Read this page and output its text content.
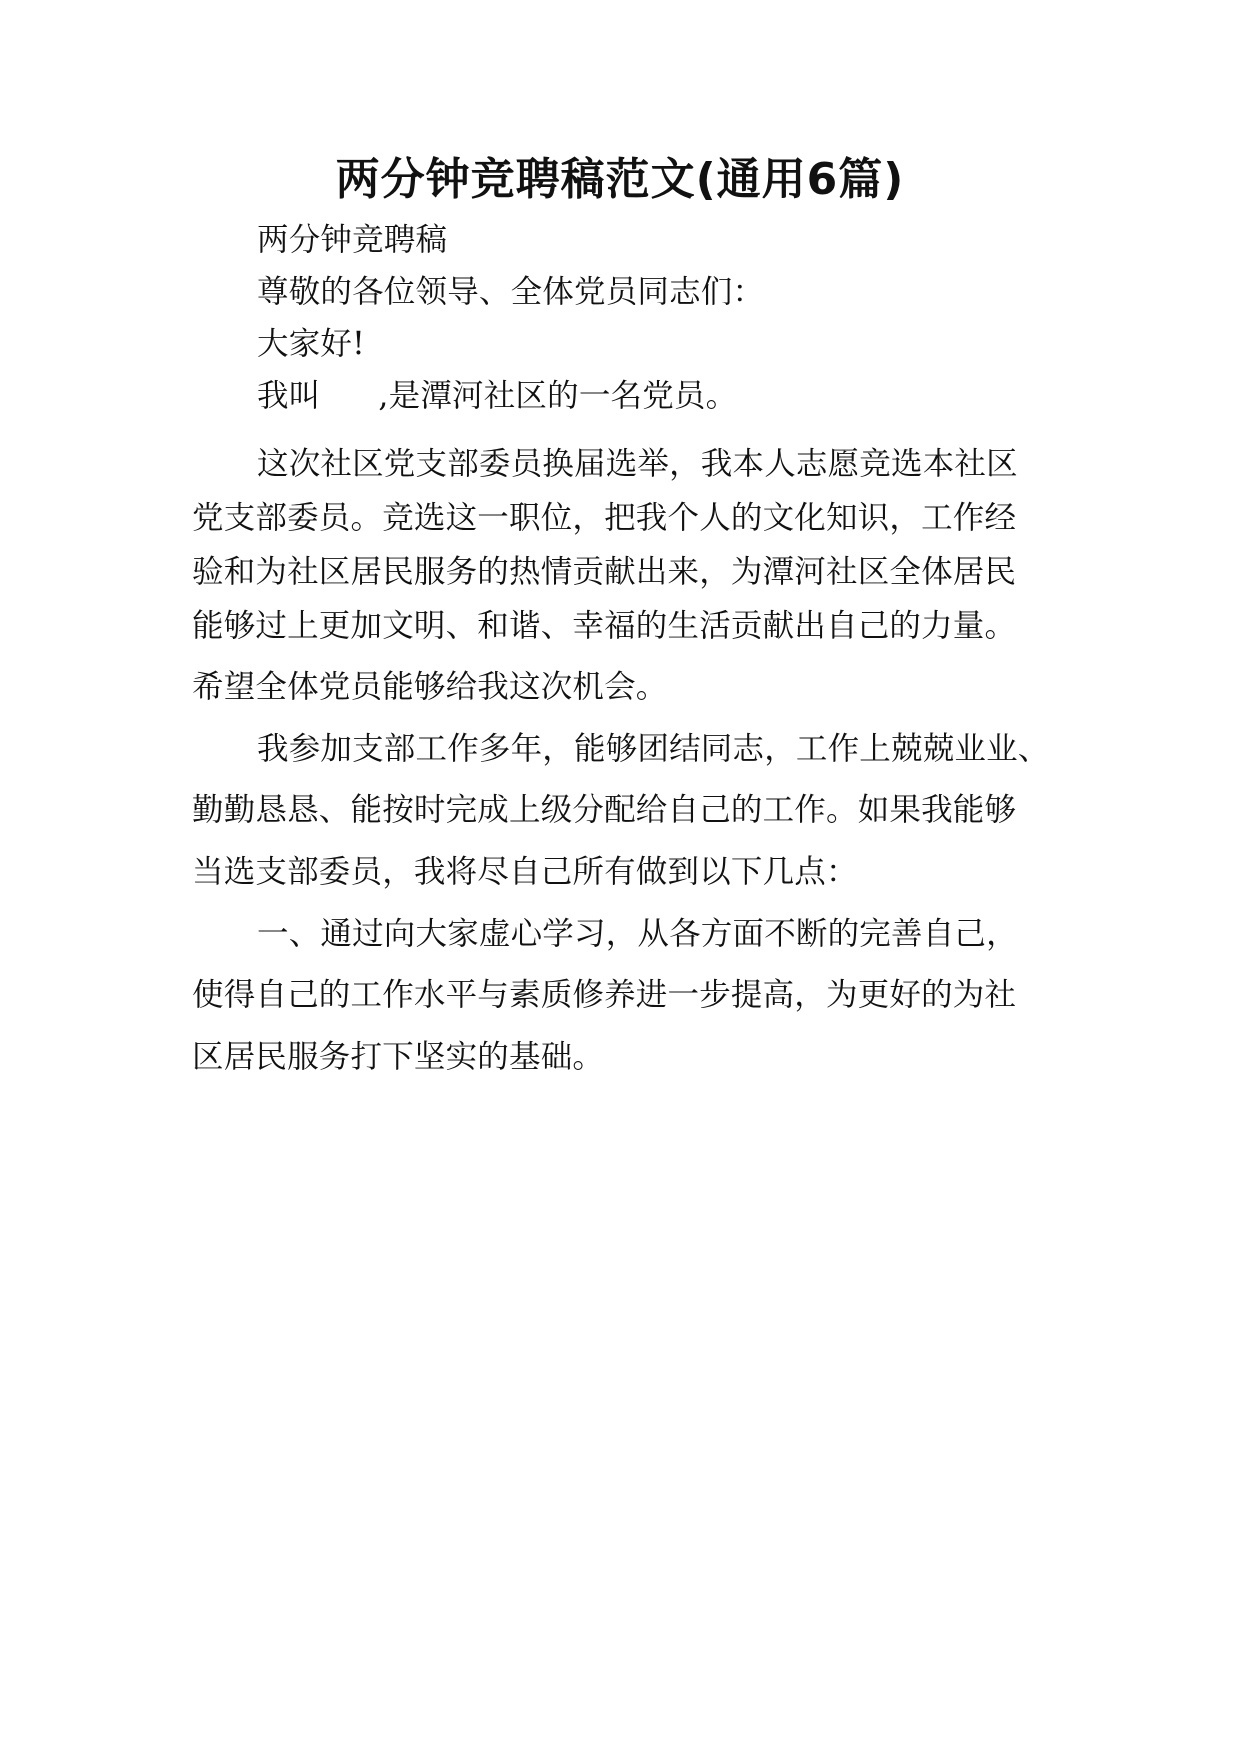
两分钟竞聘稿范文(通用6篇)
两分钟竞聘稿
尊敬的各位领导、全体党员同志们：
大家好!
我叫 ,是潭河社区的一名党员。
这次社区党支部委员换届选举，我本人志愿竞选本社区
党支部委员。竞选这一职位，把我个人的文化知识，工作经
验和为社区居民服务的热情贡献出来，为潭河社区全体居民
能够过上更加文明、和谐、幸福的生活贡献出自己的力量。
希望全体党员能够给我这次机会。
我参加支部工作多年，能够团结同志，工作上兢兢业业、
勤勤恳恳、能按时完成上级分配给自己的工作。如果我能够
当选支部委员，我将尽自己所有做到以下几点：
一、通过向大家虚心学习，从各方面不断的完善自己，
使得自己的工作水平与素质修养进一步提高，为更好的为社
区居民服务打下坚实的基础。
